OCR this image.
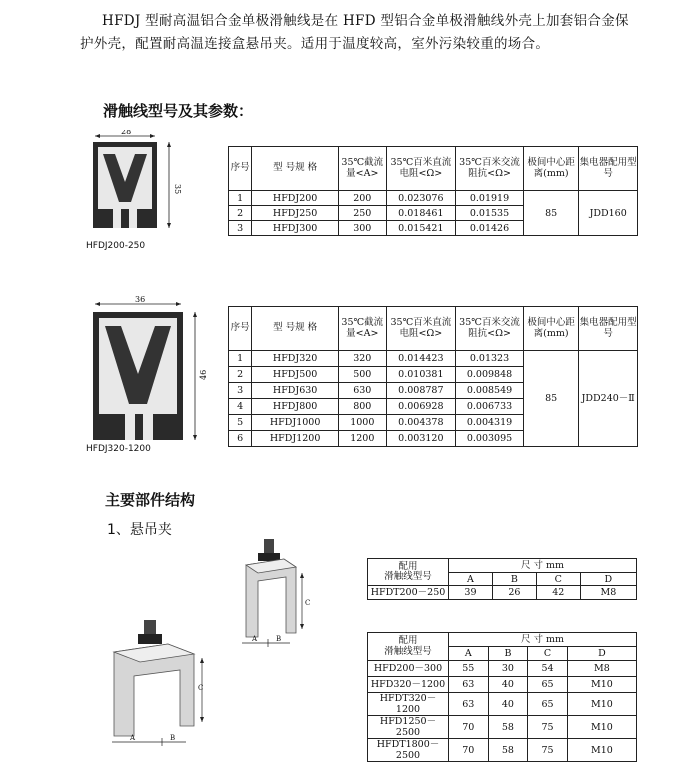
HFDJ 型耐高温铝合金单极滑触线是在 HFD 型铝合金单极滑触线外壳上加套铝合金保护外壳，配置耐高温连接盒悬吊夹。适用于温度较高，室外污染较重的场合。
滑触线型号及其参数：
28
35
HFDJ200-250
序号	型 号规 格	35℃截流量<A>	35℃百米直流电阻<Ω>	35℃百米交流阻抗<Ω>	极间中心距离(mm)	集电器配用型号
1	HFDJ200	200	0.023076	0.01919	85	JDD160
2	HFDJ250	250	0.018461	0.01535		
3	HFDJ300	300	0.015421	0.01426		
36
46
HFDJ320-1200
序号	型 号规 格	35℃截流量<A>	35℃百米直流电阻<Ω>	35℃百米交流阻抗<Ω>	极间中心距离(mm)	集电器配用型号
1	HFDJ320	320	0.014423	0.01323	85	JDD240－Ⅱ
2	HFDJ500	500	0.010381	0.009848		
3	HFDJ630	630	0.008787	0.008549		
4	HFDJ800	800	0.006928	0.006733		
5	HFDJ1000	1000	0.004378	0.004319		
6	HFDJ1200	1200	0.003120	0.003095		
主要部件结构
1、悬吊夹
C
A	B
C
A	B
配用
滑触线型号	尺 寸 mm			
	A	B	C	D
HFDT200－250	39	26	42	M8
配用
滑触线型号	尺 寸 mm			
	A	B	C	D
HFD200－300	55	30	54	M8
HFD320－1200	63	40	65	M10
HFDT320－1200	63	40	65	M10
HFD1250－2500	70	58	75	M10
HFDT1800－2500	70	58	75	M10
